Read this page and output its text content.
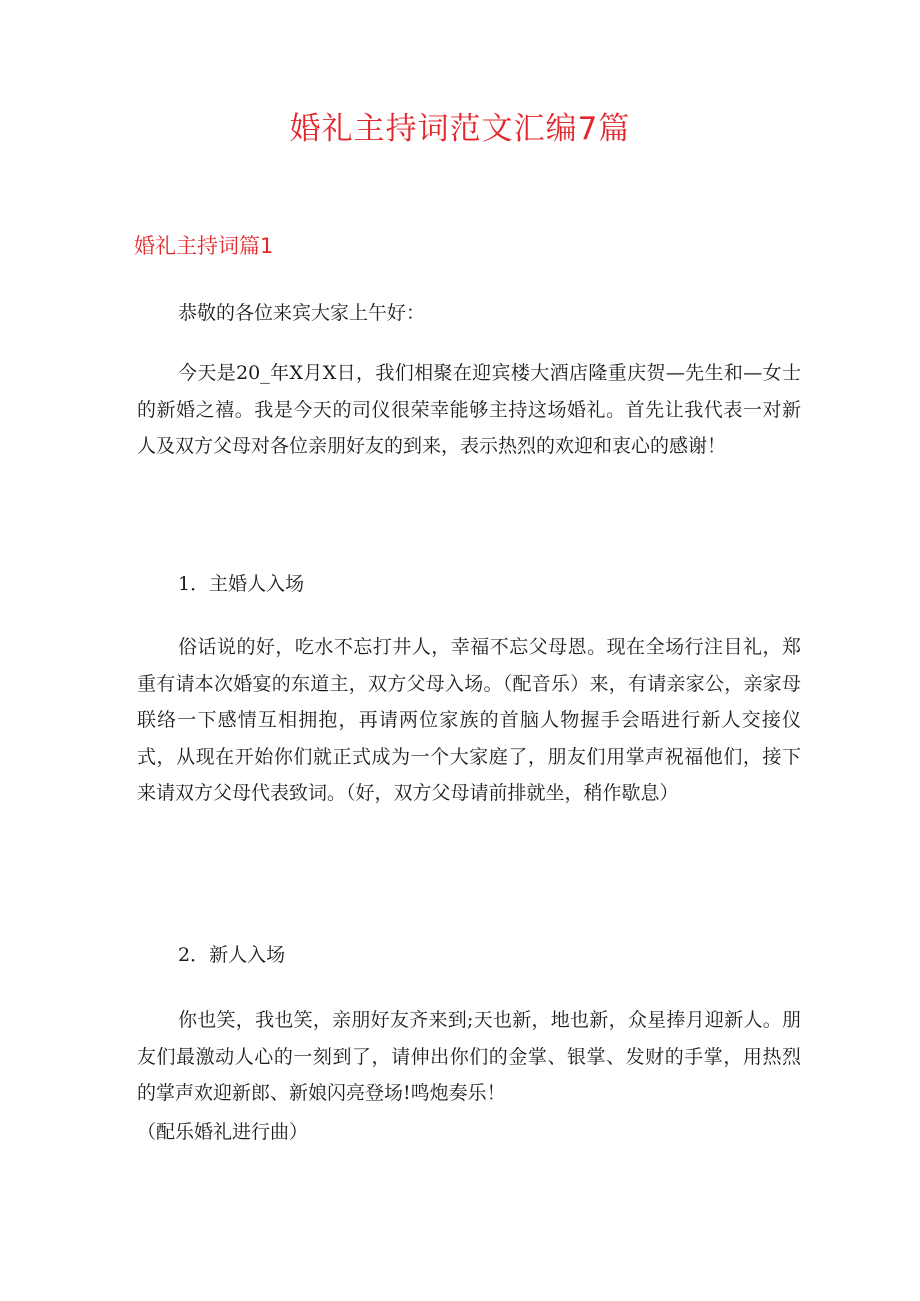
婚礼主持词范文汇编7篇
婚礼主持词篇1

恭敬的各位来宾大家上午好：

今天是20_年X月X日，我们相聚在迎宾楼大酒店隆重庆贺—先生和—女士的新婚之禧。我是今天的司仪很荣幸能够主持这场婚礼。首先让我代表一对新人及双方父母对各位亲朋好友的到来，表示热烈的欢迎和衷心的感谢！

1．主婚人入场

俗话说的好，吃水不忘打井人，幸福不忘父母恩。现在全场行注目礼，郑重有请本次婚宴的东道主，双方父母入场。（配音乐）来，有请亲家公，亲家母联络一下感情互相拥抱，再请两位家族的首脑人物握手会晤进行新人交接仪式，从现在开始你们就正式成为一个大家庭了，朋友们用掌声祝福他们，接下来请双方父母代表致词。（好，双方父母请前排就坐，稍作歇息）

2．新人入场

你也笑，我也笑，亲朋好友齐来到;天也新，地也新，众星捧月迎新人。朋友们最激动人心的一刻到了，请伸出你们的金掌、银掌、发财的手掌，用热烈的掌声欢迎新郎、新娘闪亮登场!鸣炮奏乐！

（配乐婚礼进行曲）
